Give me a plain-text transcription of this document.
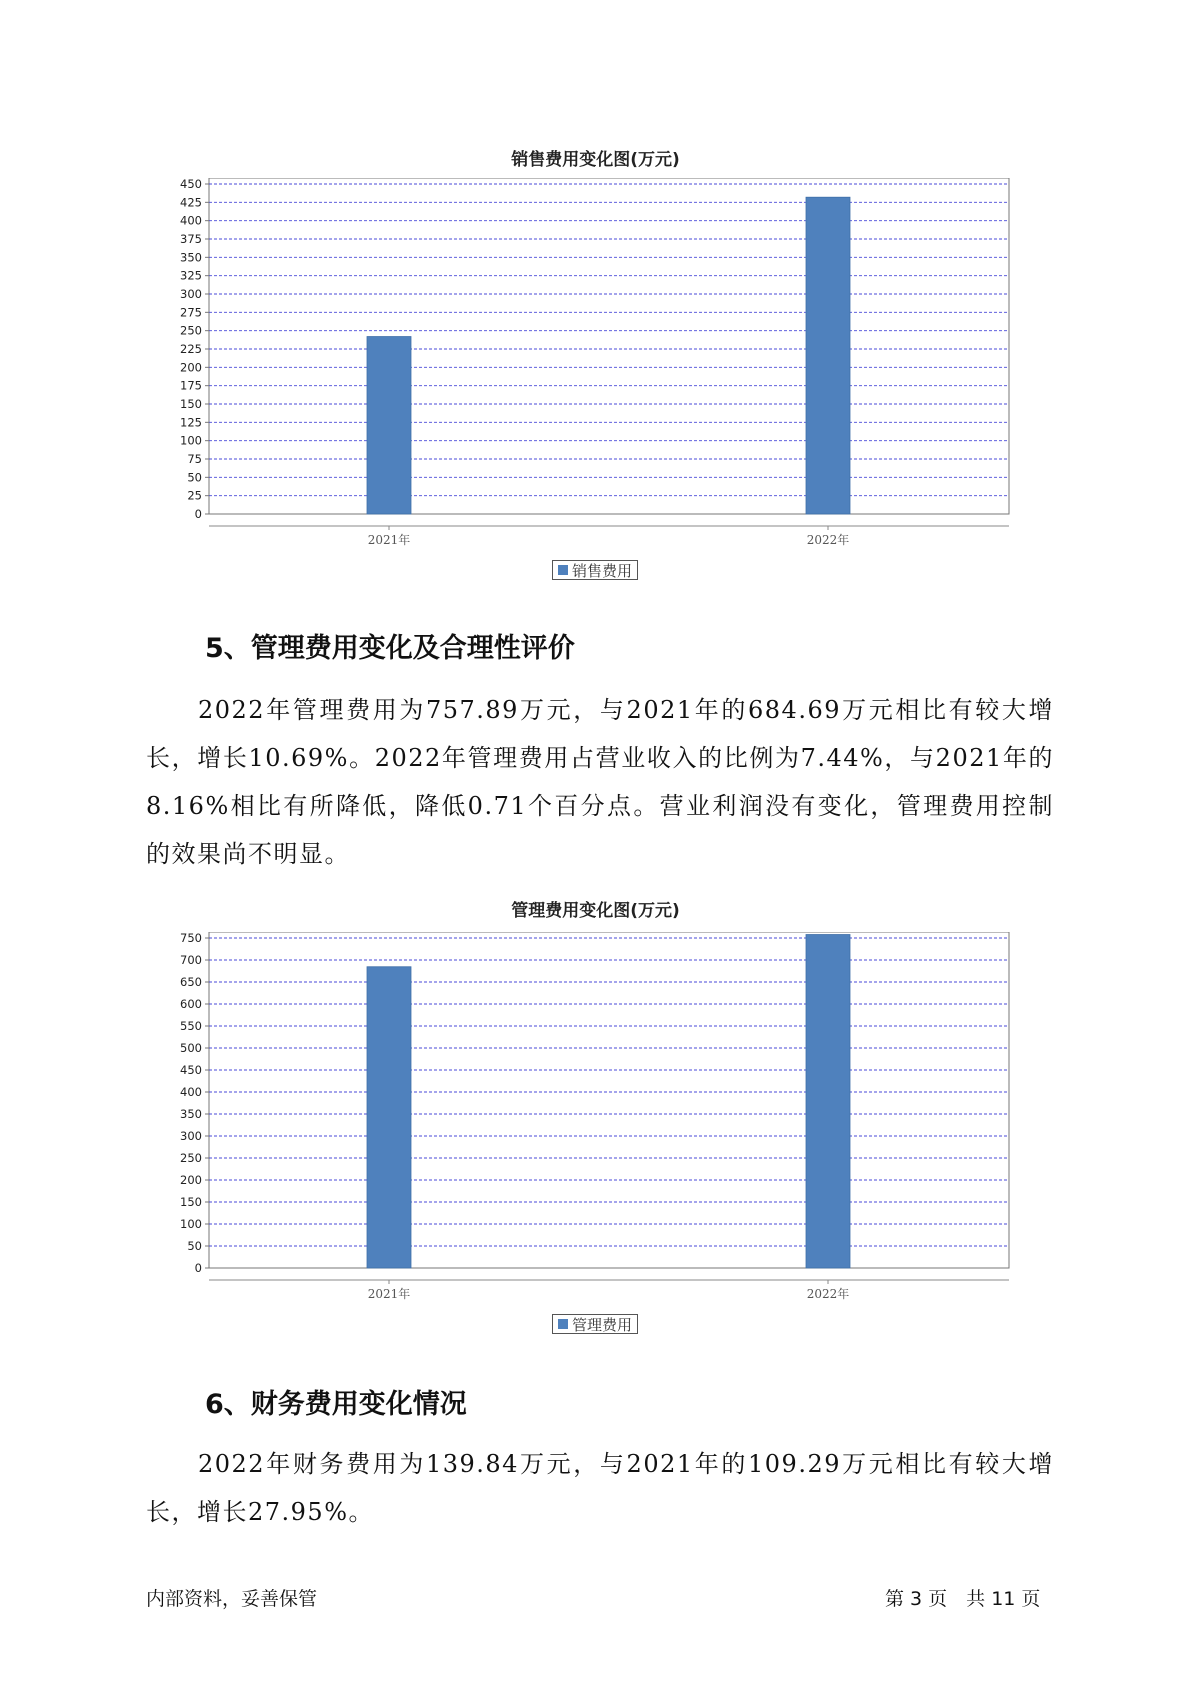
销售费用变化图(万元)
0
25
50
75
100
125
150
175
200
225
250
275
300
325
350
375
400
425
450
2021年	2022年
销售费用
5、管理费用变化及合理性评价

2022年管理费用为757.89万元，与2021年的684.69万元相比有较大增长，增长10.69%。2022年管理费用占营业收入的比例为7.44%，与2021年的8.16%相比有所降低，降低0.71个百分点。营业利润没有变化，管理费用控制的效果尚不明显。

管理费用变化图(万元)
0
50
100
150
200
250
300
350
400
450
500
550
600
650
700
750
2021年	2022年
管理费用
6、财务费用变化情况

2022年财务费用为139.84万元，与2021年的109.29万元相比有较大增长，增长27.95%。

内部资料，妥善保管	第 3 页　共 11 页
